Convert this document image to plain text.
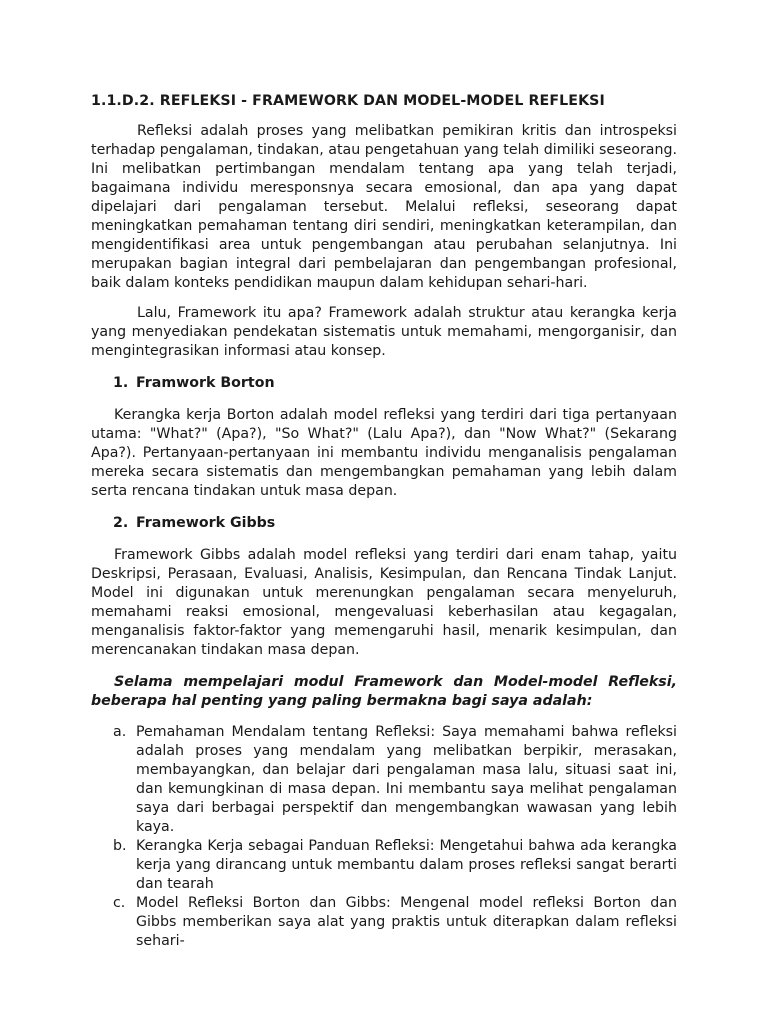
1.1.D.2. REFLEKSI - FRAMEWORK DAN MODEL-MODEL REFLEKSI

Refleksi adalah proses yang melibatkan pemikiran kritis dan introspeksi terhadap pengalaman, tindakan, atau pengetahuan yang telah dimiliki seseorang. Ini melibatkan pertimbangan mendalam tentang apa yang telah terjadi, bagaimana individu meresponsnya secara emosional, dan apa yang dapat dipelajari dari pengalaman tersebut. Melalui refleksi, seseorang dapat meningkatkan pemahaman tentang diri sendiri, meningkatkan keterampilan, dan mengidentifikasi area untuk pengembangan atau perubahan selanjutnya. Ini merupakan bagian integral dari pembelajaran dan pengembangan profesional, baik dalam konteks pendidikan maupun dalam kehidupan sehari-hari.

Lalu, Framework itu apa? Framework adalah struktur atau kerangka kerja yang menyediakan pendekatan sistematis untuk memahami, mengorganisir, dan mengintegrasikan informasi atau konsep.

1. Framwork Borton

Kerangka kerja Borton adalah model refleksi yang terdiri dari tiga pertanyaan utama: "What?" (Apa?), "So What?" (Lalu Apa?), dan "Now What?" (Sekarang Apa?). Pertanyaan-pertanyaan ini membantu individu menganalisis pengalaman mereka secara sistematis dan mengembangkan pemahaman yang lebih dalam serta rencana tindakan untuk masa depan.

2. Framework Gibbs

Framework Gibbs adalah model refleksi yang terdiri dari enam tahap, yaitu Deskripsi, Perasaan, Evaluasi, Analisis, Kesimpulan, dan Rencana Tindak Lanjut. Model ini digunakan untuk merenungkan pengalaman secara menyeluruh, memahami reaksi emosional, mengevaluasi keberhasilan atau kegagalan, menganalisis faktor-faktor yang memengaruhi hasil, menarik kesimpulan, dan merencanakan tindakan masa depan.

Selama mempelajari modul Framework dan Model-model Refleksi, beberapa hal penting yang paling bermakna bagi saya adalah:
a. Pemahaman Mendalam tentang Refleksi: Saya memahami bahwa refleksi adalah proses yang mendalam yang melibatkan berpikir, merasakan, membayangkan, dan belajar dari pengalaman masa lalu, situasi saat ini, dan kemungkinan di masa depan. Ini membantu saya melihat pengalaman saya dari berbagai perspektif dan mengembangkan wawasan yang lebih kaya.
b. Kerangka Kerja sebagai Panduan Refleksi: Mengetahui bahwa ada kerangka kerja yang dirancang untuk membantu dalam proses refleksi sangat berarti dan tearah
c. Model Refleksi Borton dan Gibbs: Mengenal model refleksi Borton dan Gibbs memberikan saya alat yang praktis untuk diterapkan dalam refleksi sehari-
